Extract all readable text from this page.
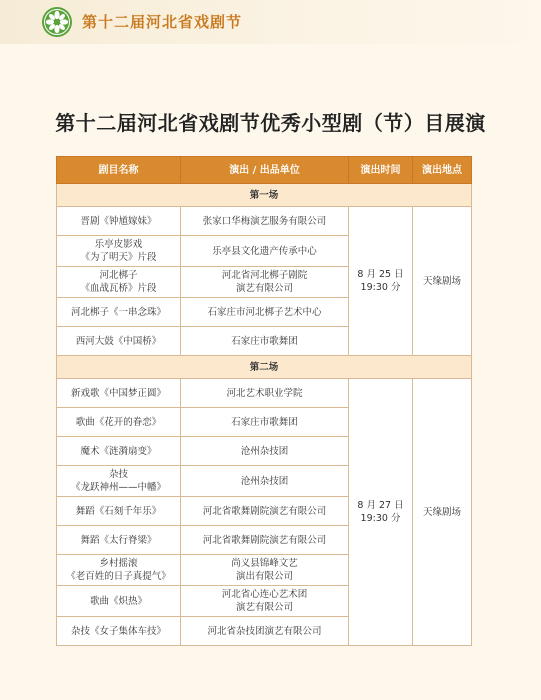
第十二届河北省戏剧节
第十二届河北省戏剧节优秀小型剧（节）目展演
剧目名称	演出 / 出品单位	演出时间	演出地点
第一场			

晋剧《钟馗嫁妹》	张家口华梅演艺服务有限公司	8 月 25 日
19:30 分	天缘剧场

乐亭皮影戏
《为了明天》片段	乐亭县文化遗产传承中心		

河北梆子
《血战瓦桥》片段	河北省河北梆子剧院
演艺有限公司		

河北梆子《一串念珠》	石家庄市河北梆子艺术中心		

西河大鼓《中国桥》	石家庄市歌舞团		

第二场			

新戏歌《中国梦正圆》	河北艺术职业学院	8 月 27 日
19:30 分	天缘剧场

歌曲《花开的眷恋》	石家庄市歌舞团		

魔术《涟漪扇变》	沧州杂技团		

杂技
《龙跃神州——中幡》	沧州杂技团		

舞蹈《石刻千年乐》	河北省歌舞剧院演艺有限公司		

舞蹈《太行脊梁》	河北省歌舞剧院演艺有限公司		

乡村摇滚
《老百姓的日子真提气》	尚义县锦峰文艺
演出有限公司		

歌曲《炽热》	河北省心连心艺术团
演艺有限公司		

杂技《女子集体车技》	河北省杂技团演艺有限公司		
